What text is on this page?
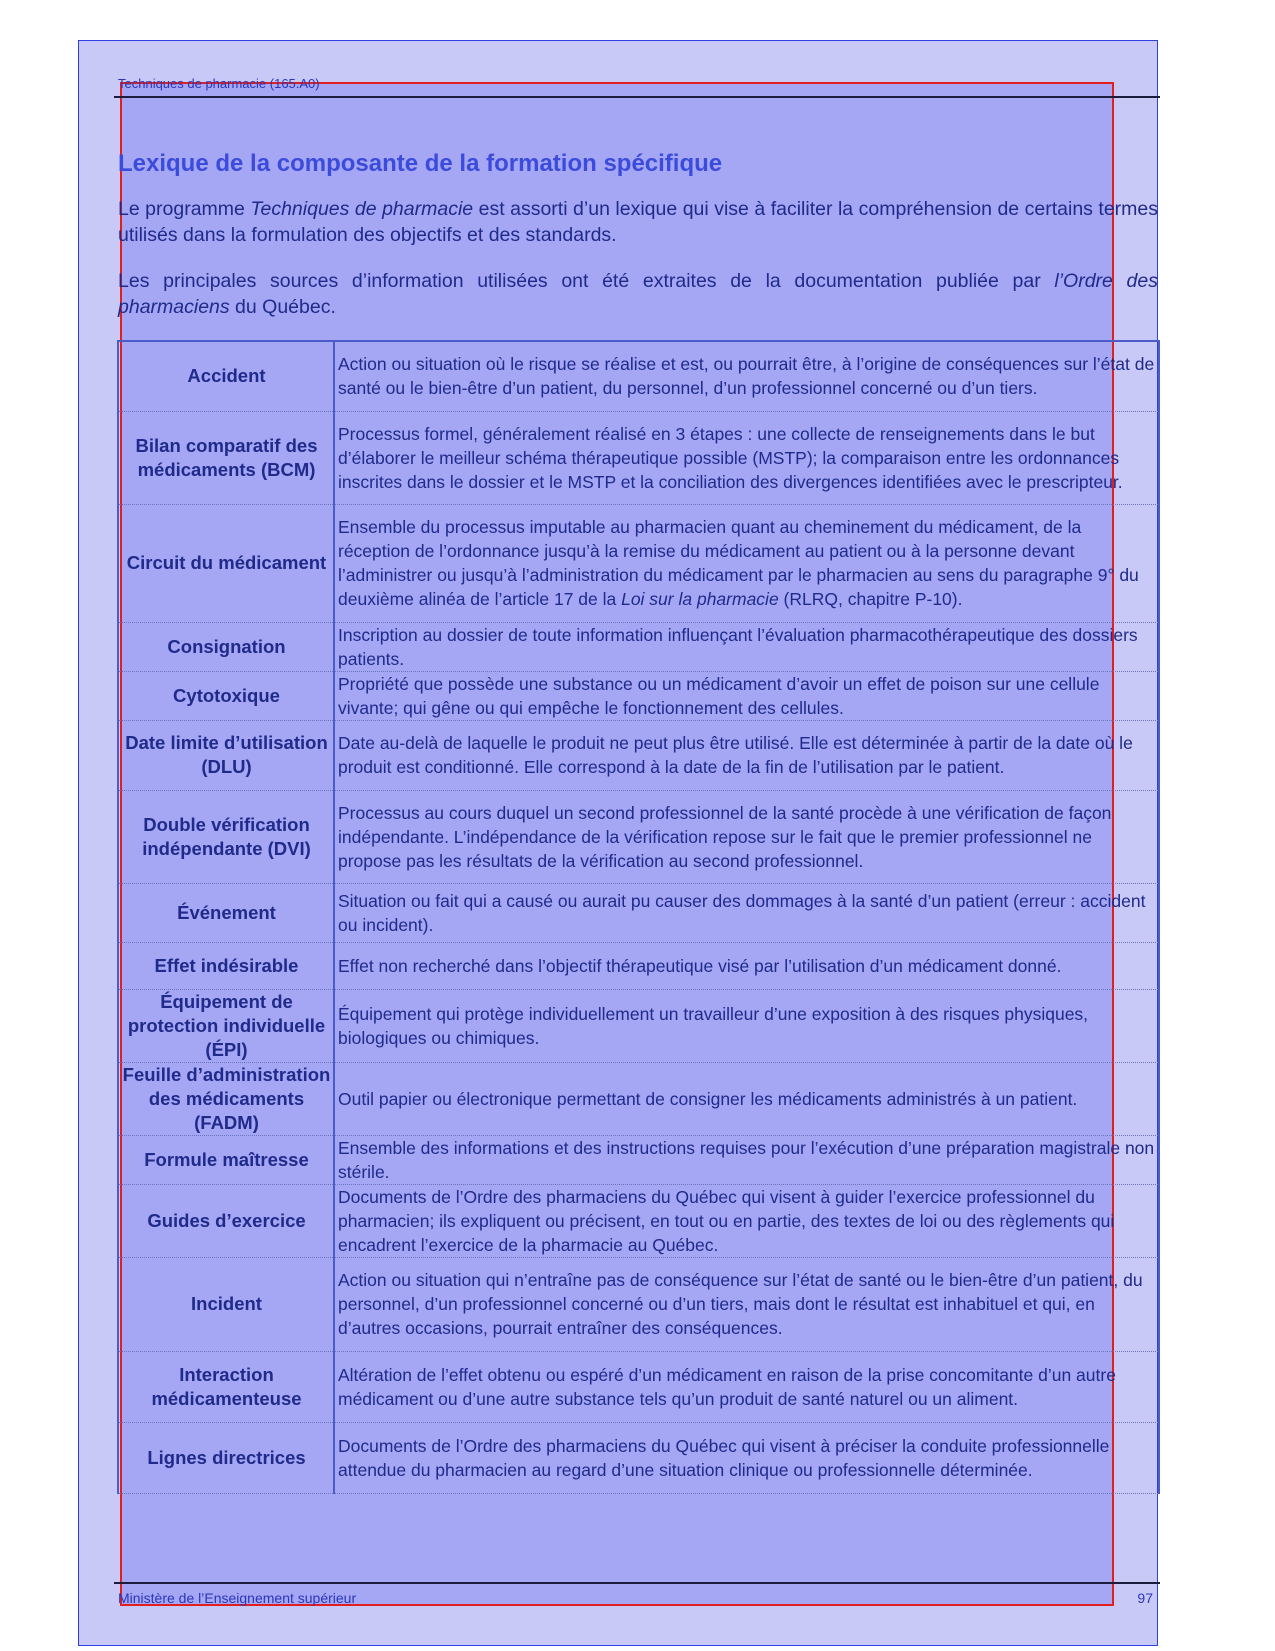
Techniques de pharmacie (165.A0)
Lexique de la composante de la formation spécifique

Le programme Techniques de pharmacie est assorti d’un lexique qui vise à faciliter la compréhension de certains termes utilisés dans la formulation des objectifs et des standards.

Les principales sources d’information utilisées ont été extraites de la documentation publiée par l’Ordre des pharmaciens du Québec.

Accident	Action ou situation où le risque se réalise et est, ou pourrait être, à l’origine de conséquences sur l’état de santé ou le bien-être d’un patient, du personnel, d’un professionnel concerné ou d’un tiers.
Bilan comparatif des médicaments (BCM)	Processus formel, généralement réalisé en 3 étapes : une collecte de renseignements dans le but d’élaborer le meilleur schéma thérapeutique possible (MSTP); la comparaison entre les ordonnances inscrites dans le dossier et le MSTP et la conciliation des divergences identifiées avec le prescripteur.
Circuit du médicament	Ensemble du processus imputable au pharmacien quant au cheminement du médicament, de la réception de l’ordonnance jusqu’à la remise du médicament au patient ou à la personne devant l’administrer ou jusqu’à l’administration du médicament par le pharmacien au sens du paragraphe 9° du deuxième alinéa de l’article 17 de la Loi sur la pharmacie (RLRQ, chapitre P-10).
Consignation	Inscription au dossier de toute information influençant l’évaluation pharmacothérapeutique des dossiers patients.
Cytotoxique	Propriété que possède une substance ou un médicament d’avoir un effet de poison sur une cellule vivante; qui gêne ou qui empêche le fonctionnement des cellules.
Date limite d’utilisation (DLU)	Date au-delà de laquelle le produit ne peut plus être utilisé. Elle est déterminée à partir de la date où le produit est conditionné. Elle correspond à la date de la fin de l’utilisation par le patient.
Double vérification indépendante (DVI)	Processus au cours duquel un second professionnel de la santé procède à une vérification de façon indépendante. L’indépendance de la vérification repose sur le fait que le premier professionnel ne propose pas les résultats de la vérification au second professionnel.
Événement	Situation ou fait qui a causé ou aurait pu causer des dommages à la santé d’un patient (erreur : accident ou incident).
Effet indésirable	Effet non recherché dans l’objectif thérapeutique visé par l’utilisation d’un médicament donné.
Équipement de protection individuelle (ÉPI)	Équipement qui protège individuellement un travailleur d’une exposition à des risques physiques, biologiques ou chimiques.
Feuille d’administration des médicaments (FADM)	Outil papier ou électronique permettant de consigner les médicaments administrés à un patient.
Formule maîtresse	Ensemble des informations et des instructions requises pour l’exécution d’une préparation magistrale non stérile.
Guides d’exercice	Documents de l’Ordre des pharmaciens du Québec qui visent à guider l’exercice professionnel du pharmacien; ils expliquent ou précisent, en tout ou en partie, des textes de loi ou des règlements qui encadrent l’exercice de la pharmacie au Québec.
Incident	Action ou situation qui n’entraîne pas de conséquence sur l’état de santé ou le bien-être d’un patient, du personnel, d’un professionnel concerné ou d’un tiers, mais dont le résultat est inhabituel et qui, en d’autres occasions, pourrait entraîner des conséquences.
Interaction médicamenteuse	Altération de l’effet obtenu ou espéré d’un médicament en raison de la prise concomitante d’un autre médicament ou d’une autre substance tels qu’un produit de santé naturel ou un aliment.
Lignes directrices	Documents de l’Ordre des pharmaciens du Québec qui visent à préciser la conduite professionnelle attendue du pharmacien au regard d’une situation clinique ou professionnelle déterminée.
Ministère de l’Enseignement supérieur	97
